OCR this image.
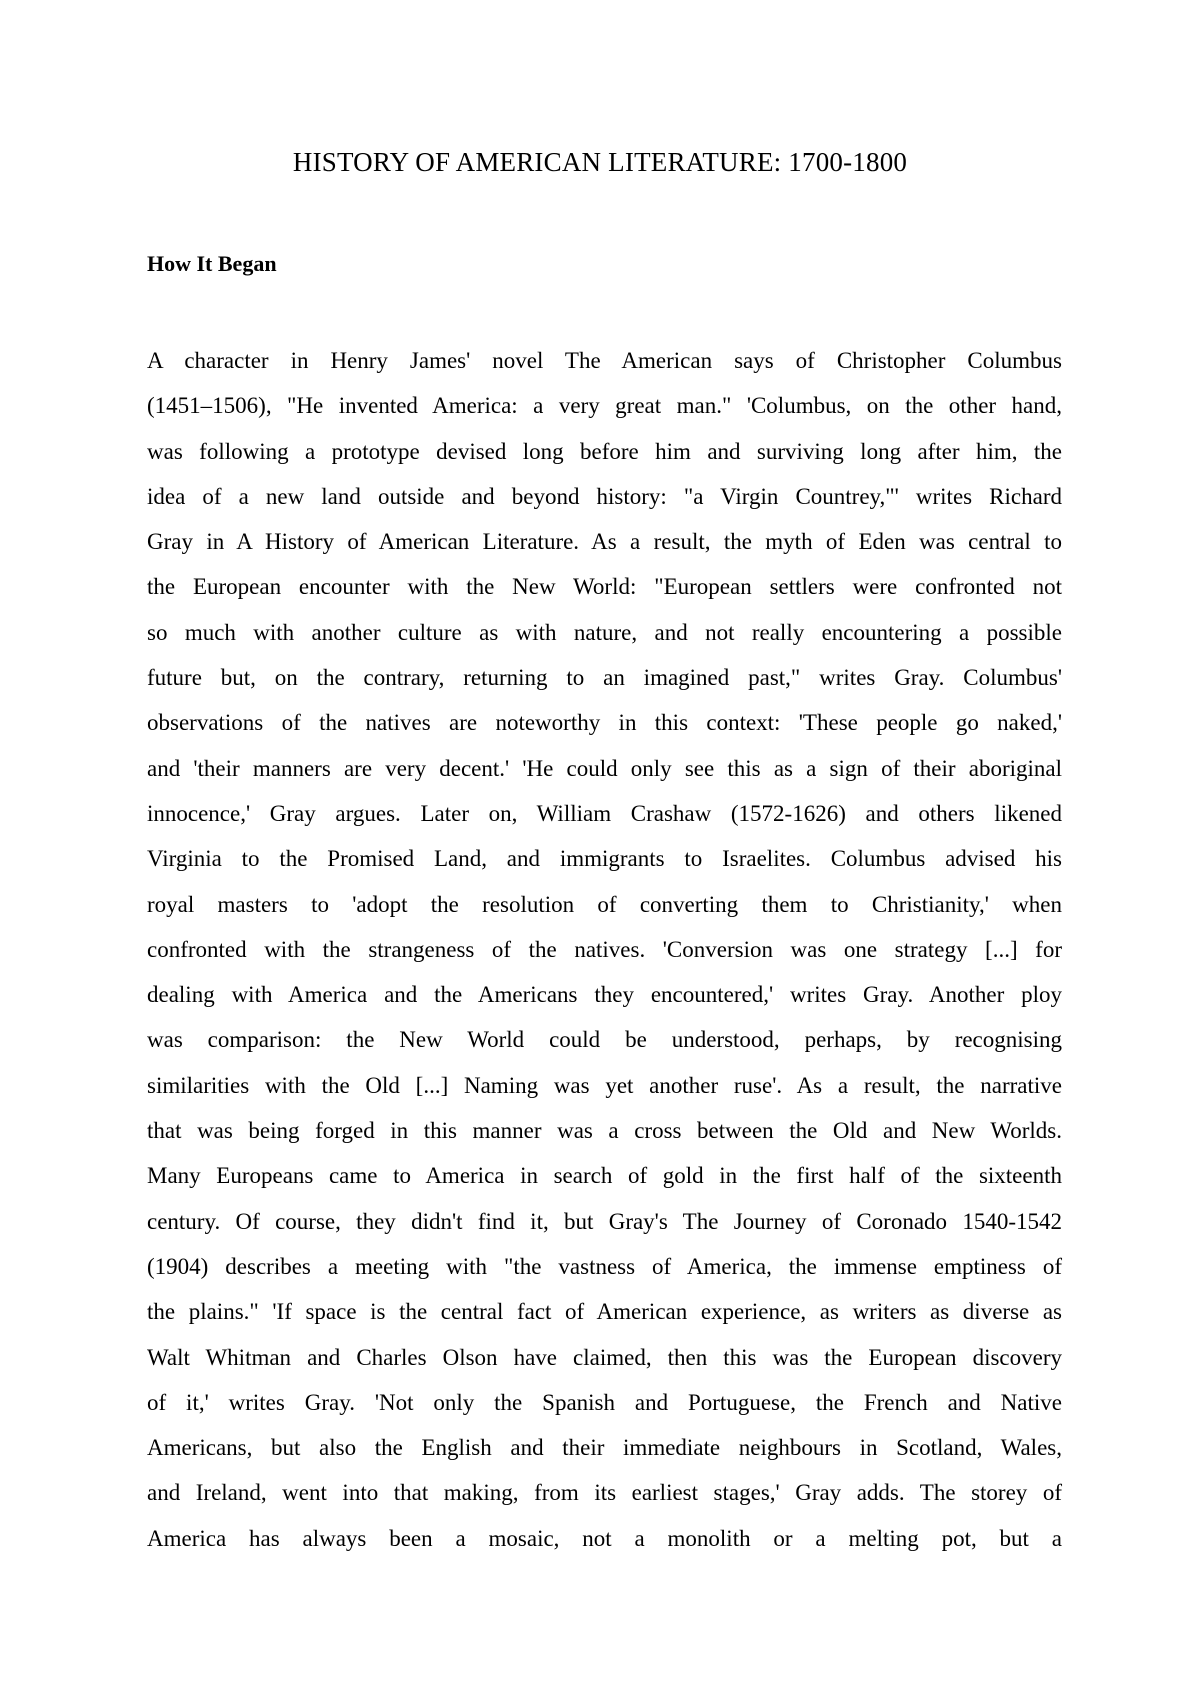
HISTORY OF AMERICAN LITERATURE: 1700-1800
How It Began
A character in Henry James' novel The American says of Christopher Columbus
(1451–1506), "He invented America: a very great man." 'Columbus, on the other hand,
was following a prototype devised long before him and surviving long after him, the
idea of a new land outside and beyond history: "a Virgin Countrey,"' writes Richard
Gray in A History of American Literature. As a result, the myth of Eden was central to
the European encounter with the New World: "European settlers were confronted not
so much with another culture as with nature, and not really encountering a possible
future but, on the contrary, returning to an imagined past," writes Gray. Columbus'
observations of the natives are noteworthy in this context: 'These people go naked,'
and 'their manners are very decent.' 'He could only see this as a sign of their aboriginal
innocence,' Gray argues. Later on, William Crashaw (1572-1626) and others likened
Virginia to the Promised Land, and immigrants to Israelites. Columbus advised his
royal masters to 'adopt the resolution of converting them to Christianity,' when
confronted with the strangeness of the natives. 'Conversion was one strategy [...] for
dealing with America and the Americans they encountered,' writes Gray. Another ploy
was comparison: the New World could be understood, perhaps, by recognising
similarities with the Old [...] Naming was yet another ruse'. As a result, the narrative
that was being forged in this manner was a cross between the Old and New Worlds.
Many Europeans came to America in search of gold in the first half of the sixteenth
century. Of course, they didn't find it, but Gray's The Journey of Coronado 1540-1542
(1904) describes a meeting with "the vastness of America, the immense emptiness of
the plains." 'If space is the central fact of American experience, as writers as diverse as
Walt Whitman and Charles Olson have claimed, then this was the European discovery
of it,' writes Gray. 'Not only the Spanish and Portuguese, the French and Native
Americans, but also the English and their immediate neighbours in Scotland, Wales,
and Ireland, went into that making, from its earliest stages,' Gray adds. The storey of
America has always been a mosaic, not a monolith or a melting pot, but a
